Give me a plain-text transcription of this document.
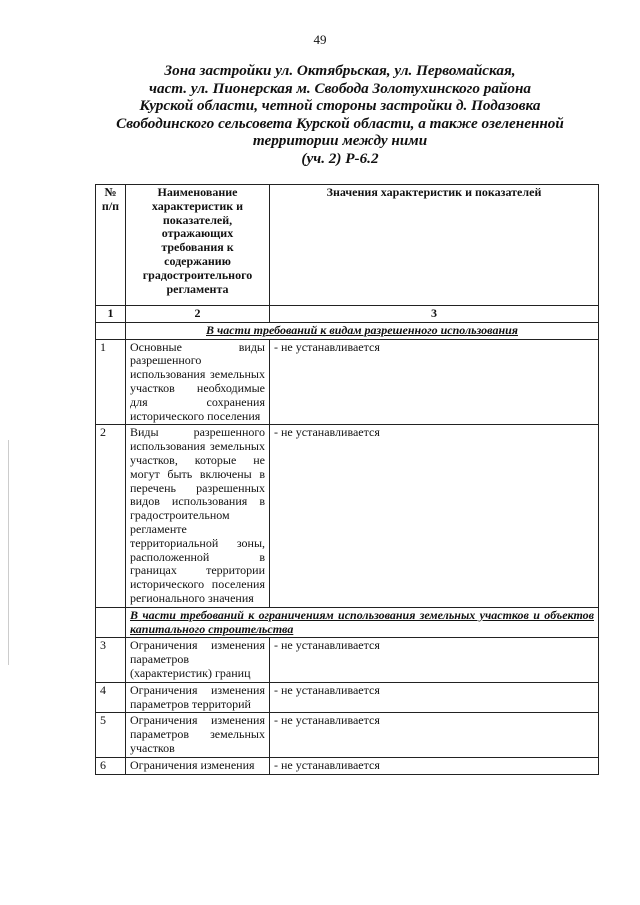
49
Зона застройки ул. Октябрьская, ул. Первомайская,
част. ул. Пионерская м. Свобода Золотухинского района
Курской области, четной стороны застройки д. Подазовка
Свободинского сельсовета Курской области, а также озелененной
территории между ними
(уч. 2) Р-6.2
№ п/п	Наименование характеристик и показателей, отражающих требования к содержанию градостроительного регламента	Значения характеристик и показателей
1	2	3
	В части требований к видам разрешенного использования	
1	Основные виды разрешенного использования земельных участков необходимые для сохранения исторического поселения	- не устанавливается
2	Виды разрешенного использования земельных участков, которые не могут быть включены в перечень разрешенных видов использования в градостроительном регламенте территориальной зоны, расположенной в границах территории исторического поселения регионального значения	- не устанавливается
	В части требований к ограничениям использования земельных участков и объектов капитального строительства	
3	Ограничения изменения параметров (характеристик) границ	- не устанавливается
4	Ограничения изменения параметров территорий	- не устанавливается
5	Ограничения изменения параметров земельных участков	- не устанавливается
6	Ограничения изменения	- не устанавливается
